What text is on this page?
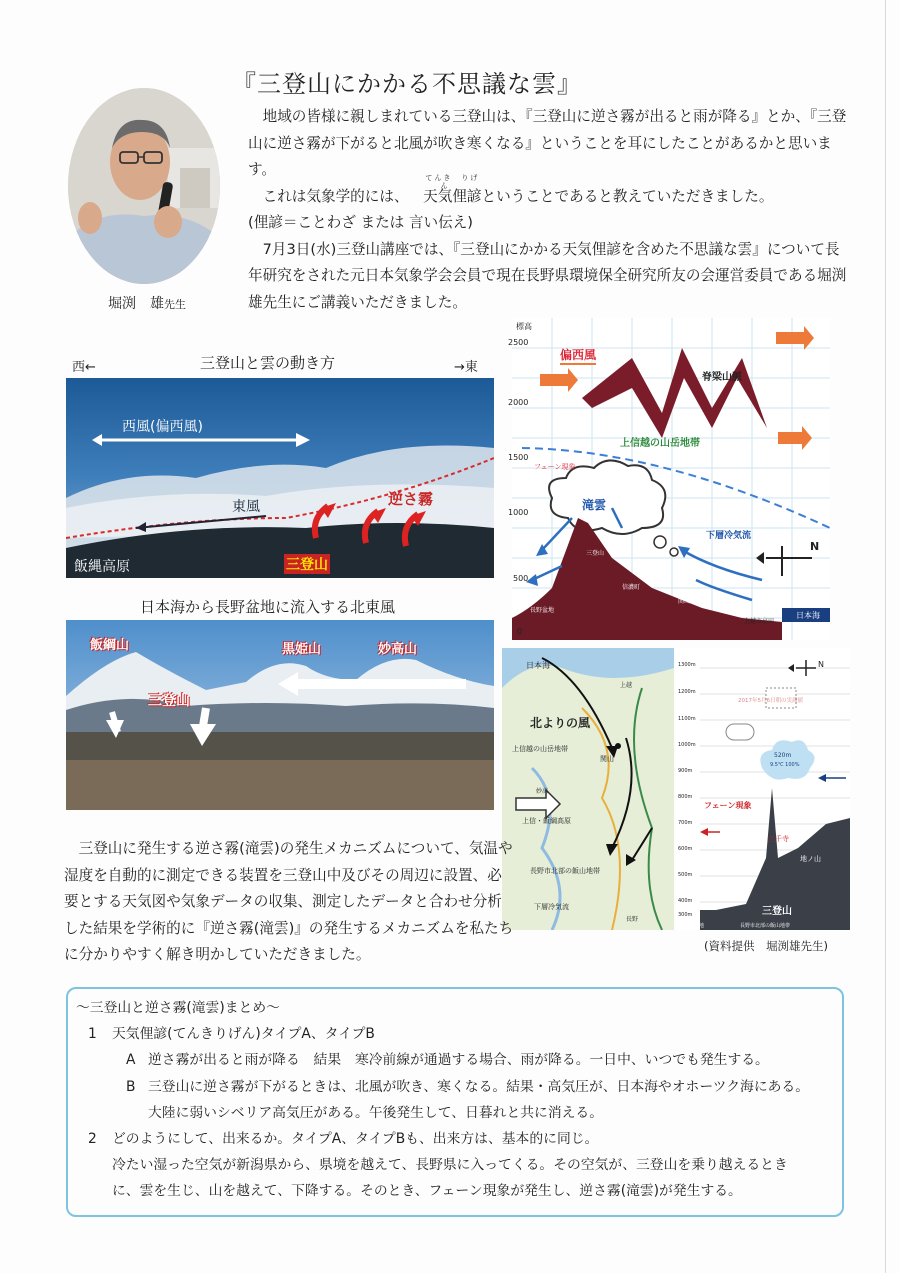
『三登山にかかる不思議な雲』
堀渕　雄先生

地域の皆様に親しまれている三登山は、『三登山に逆さ霧が出ると雨が降る』とか、『三登山に逆さ霧が下がると北風が吹き寒くなる』ということを耳にしたことがあるかと思います。

これは気象学的には、
てんき　りげん
天気俚諺ということであると教えていただきました。

(俚諺＝ことわざ または 言い伝え)

7月3日(水)三登山講座では、『三登山にかかる天気俚諺を含めた不思議な雲』について長年研究をされた元日本気象学会会員で現在長野県環境保全研究所友の会運営委員である堀渕雄先生にご講義いただきました。

西←	三登山と雲の動き方	→東
西風(偏西風)
東風	逆さ霧
三登山
飯縄高原
日本海から長野盆地に流入する北東風
飯綱山	黒姫山	妙高山
三登山
標高
2500
2000
1500
1000
500
0
偏西風
脊梁山脈
上信越の山岳地帯
フェーン現象
滝雲
下層冷気流
N
三登山
信濃町
関山
長野盆地
上越市高田
日本海
日本海
北よりの風
上信越の山岳地帯
関山
上信・飯綱高原
長野市北部の飯山地帯
下層冷気流
上越
妙高
長野
2017年5月6日朝の実測値
N
1300m
1200m
1100m
1000m
900m
800m
700m
600m
500m
400m
300m
フェーン現象
三千寺
地ノ山
三登山
長野盆地	長野市北部の飯山地帯
520m
9.5℃ 100%
三登山に発生する逆さ霧(滝雲)の発生メカニズムについて、気温や湿度を自動的に測定できる装置を三登山中及びその周辺に設置、必要とする天気図や気象データの収集、測定したデータと合わせ分析した結果を学術的に『逆さ霧(滝雲)』の発生するメカニズムを私たちに分かりやすく解き明かしていただきました。	(資料提供　堀渕雄先生)
～三登山と逆さ霧(滝雲)まとめ～
1 天気俚諺(てんきりげん)タイプA、タイプB
A 逆さ霧が出ると雨が降る　結果　寒冷前線が通過する場合、雨が降る。一日中、いつでも発生する。
B 三登山に逆さ霧が下がるときは、北風が吹き、寒くなる。結果・高気圧が、日本海やオホーツク海にある。
大陸に弱いシベリア高気圧がある。午後発生して、日暮れと共に消える。
2 どのようにして、出来るか。タイプA、タイプBも、出来方は、基本的に同じ。
冷たい湿った空気が新潟県から、県境を越えて、長野県に入ってくる。その空気が、三登山を乗り越えるとき
に、雲を生じ、山を越えて、下降する。そのとき、フェーン現象が発生し、逆さ霧(滝雲)が発生する。
